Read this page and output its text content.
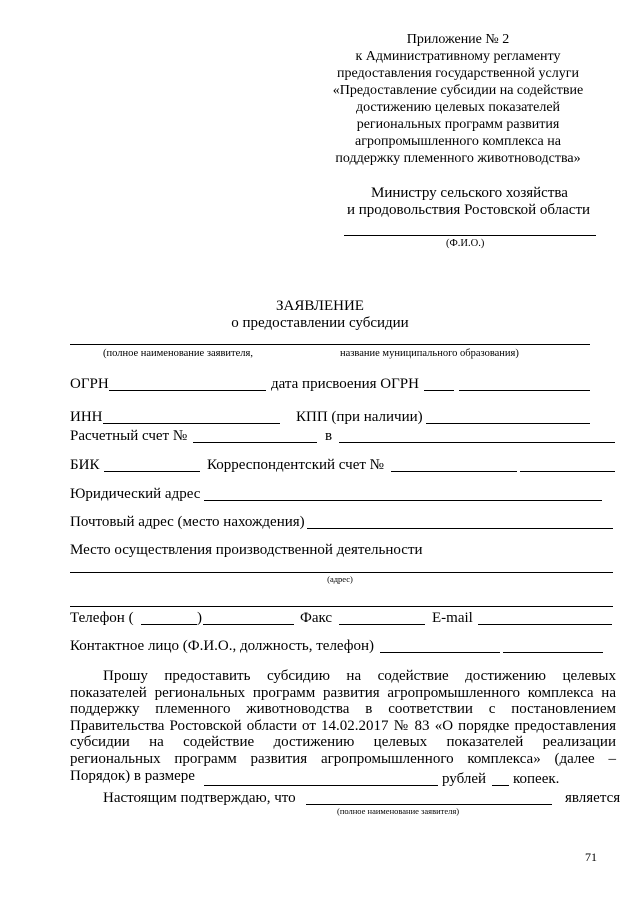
Приложение № 2
к Административному регламенту
предоставления государственной услуги
«Предоставление субсидии на содействие
достижению целевых показателей
региональных программ развития
агропромышленного комплекса на
поддержку племенного животноводства»
Министру сельского хозяйства
и продовольствия Ростовской области
(Ф.И.О.)
ЗАЯВЛЕНИЕ
о предоставлении субсидии
(полное наименование заявителя,	название муниципального образования)
ОГРН	дата присвоения ОГРН
ИНН	КПП (при наличии)
Расчетный счет №	в
БИК	Корреспондентский счет №
Юридический адрес
Почтовый адрес (место нахождения)
Место осуществления производственной деятельности
(адрес)
Телефон (	)	Факс	E-mail
Контактное лицо (Ф.И.О., должность, телефон)
Прошу предоставить субсидию на содействие достижению целевых показателей региональных программ развития агропромышленного комплекса на поддержку племенного животноводства в соответствии с постановлением Правительства Ростовской области от 14.02.2017 № 83 «О порядке предоставления субсидии на содействие достижению целевых показателей реализации региональных программ развития агропромышленного комплекса» (далее – Порядок) в размере	рублей копеек.
Настоящим подтверждаю, что	является
(полное наименование заявителя)
71
